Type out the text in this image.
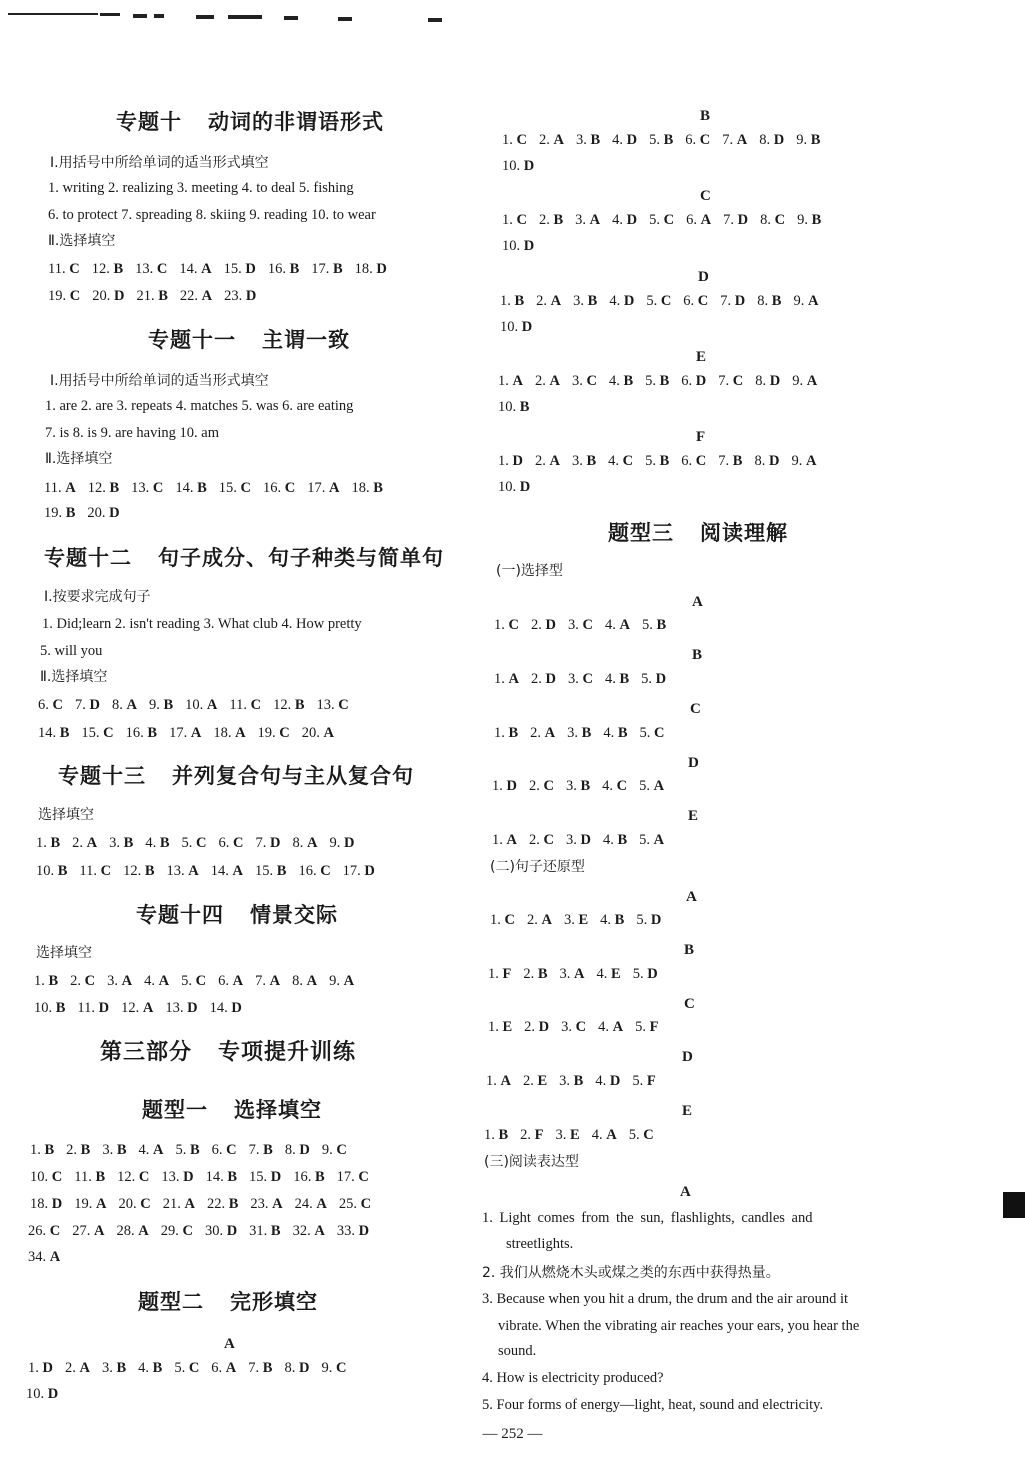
专题十 动词的非谓语形式
Ⅰ.用括号中所给单词的适当形式填空
1. writing 2. realizing 3. meeting 4. to deal 5. fishing
6. to protect 7. spreading 8. skiing 9. reading 10. to wear
Ⅱ.选择填空
11. C 12. B 13. C 14. A 15. D 16. B 17. B 18. D
19. C 20. D 21. B 22. A 23. D
专题十一 主谓一致
Ⅰ.用括号中所给单词的适当形式填空
1. are 2. are 3. repeats 4. matches 5. was 6. are eating
7. is 8. is 9. are having 10. am
Ⅱ.选择填空
11. A 12. B 13. C 14. B 15. C 16. C 17. A 18. B
19. B 20. D
专题十二 句子成分、句子种类与简单句
Ⅰ.按要求完成句子
1. Did;learn 2. isn't reading 3. What club 4. How pretty
5. will you
Ⅱ.选择填空
6. C 7. D 8. A 9. B 10. A 11. C 12. B 13. C
14. B 15. C 16. B 17. A 18. A 19. C 20. A
专题十三 并列复合句与主从复合句
选择填空
1. B 2. A 3. B 4. B 5. C 6. C 7. D 8. A 9. D
10. B 11. C 12. B 13. A 14. A 15. B 16. C 17. D
专题十四 情景交际
选择填空
1. B 2. C 3. A 4. A 5. C 6. A 7. A 8. A 9. A
10. B 11. D 12. A 13. D 14. D
第三部分 专项提升训练
题型一 选择填空
1. B 2. B 3. B 4. A 5. B 6. C 7. B 8. D 9. C
10. C 11. B 12. C 13. D 14. B 15. D 16. B 17. C
18. D 19. A 20. C 21. A 22. B 23. A 24. A 25. C
26. C 27. A 28. A 29. C 30. D 31. B 32. A 33. D
34. A
题型二 完形填空
A
1. D 2. A 3. B 4. B 5. C 6. A 7. B 8. D 9. C
10. D
B
1. C 2. A 3. B 4. D 5. B 6. C 7. A 8. D 9. B
10. D
C
1. C 2. B 3. A 4. D 5. C 6. A 7. D 8. C 9. B
10. D
D
1. B 2. A 3. B 4. D 5. C 6. C 7. D 8. B 9. A
10. D
E
1. A 2. A 3. C 4. B 5. B 6. D 7. C 8. D 9. A
10. B
F
1. D 2. A 3. B 4. C 5. B 6. C 7. B 8. D 9. A
10. D
题型三 阅读理解
(一)选择型
A
1. C 2. D 3. C 4. A 5. B
B
1. A 2. D 3. C 4. B 5. D
C
1. B 2. A 3. B 4. B 5. C
D
1. D 2. C 3. B 4. C 5. A
E
1. A 2. C 3. D 4. B 5. A
(二)句子还原型
A
1. C 2. A 3. E 4. B 5. D
B
1. F 2. B 3. A 4. E 5. D
C
1. E 2. D 3. C 4. A 5. F
D
1. A 2. E 3. B 4. D 5. F
E
1. B 2. F 3. E 4. A 5. C
(三)阅读表达型
A
1. Light comes from the sun, flashlights, candles and
streetlights.
2. 我们从燃烧木头或煤之类的东西中获得热量。
3. Because when you hit a drum, the drum and the air around it
vibrate. When the vibrating air reaches your ears, you hear the
sound.
4. How is electricity produced?
5. Four forms of energy—light, heat, sound and electricity.
— 252 —
